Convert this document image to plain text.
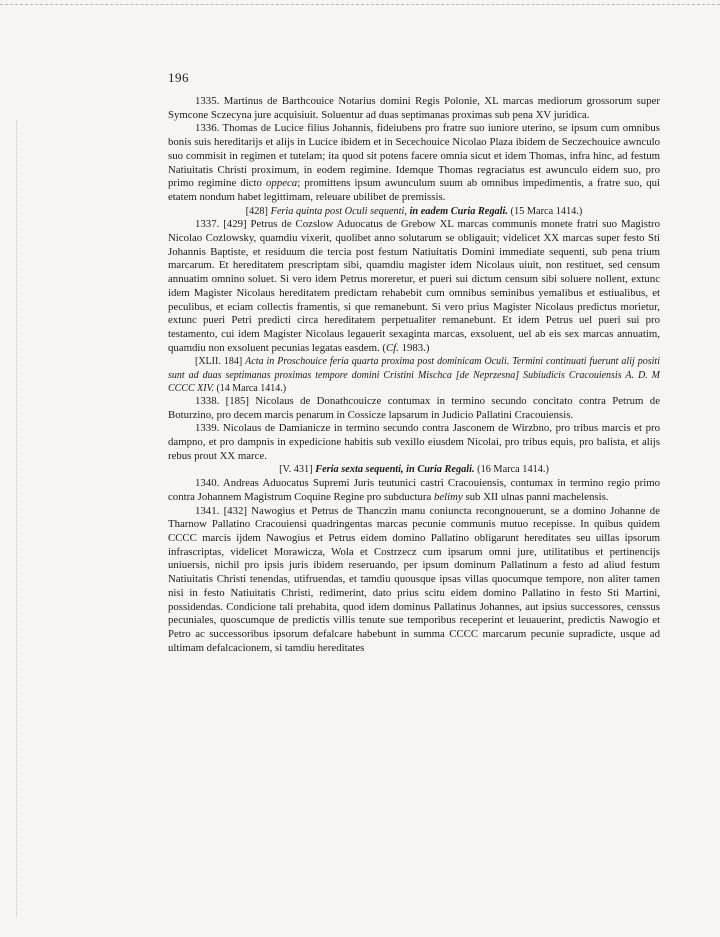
196

1335. Martinus de Barthcouice Notarius domini Regis Polonie, XL marcas mediorum grossorum super Symcone Sczecyna jure acquisiuit. Soluentur ad duas septimanas proximas sub pena XV juridica.

1336. Thomas de Lucice filius Johannis, fideiubens pro fratre suo iuniore uterino, se ipsum cum omnibus bonis suis hereditarijs et alijs in Lucice ibidem et in Secechouice Nicolao Plaza ibidem de Seczechouice awnculo suo commisit in regimen et tutelam; ita quod sit potens facere omnia sicut et idem Thomas, infra hinc, ad festum Natiuitatis Christi proximum, in eodem regimine. Idemque Thomas regraciatus est awunculo eidem suo, pro primo regimine dicto oppeca; promittens ipsum awunculum suum ab omnibus impedimentis, a fratre suo, qui etatem nondum habet legittimam, releuare ubilibet de premissis.

[428] Feria quinta post Oculi sequenti, in eadem Curia Regali. (15 Marca 1414.)

1337. [429] Petrus de Cozslow Aduocatus de Grebow XL marcas communis monete fratri suo Magistro Nicolao Cozlowsky, quamdiu vixerit, quolibet anno solutarum se obligauit; videlicet XX marcas super festo Sti Johannis Baptiste, et residuum die tercia post festum Natiuitatis Domini immediate sequenti, sub pena trium marcarum. Et hereditatem prescriptam sibi, quamdiu magister idem Nicolaus uiuit, non restituet, sed censum annuatim omnino soluet. Si vero idem Petrus moreretur, et pueri sui dictum censum sibi soluere nollent, extunc idem Magister Nicolaus hereditatem predictam rehabebit cum omnibus seminibus yemalibus et estiualibus, et peculibus, et eciam collectis framentis, si que remanebunt. Si vero prius Magister Nicolaus predictus morietur, extunc pueri Petri predicti circa hereditatem perpetualiter remanebunt. Et idem Petrus uel pueri sui pro testamento, cui idem Magister Nicolaus legauerit sexaginta marcas, exsoluent, uel ab eis sex marcas annuatim, quamdiu non exsoluent pecunias legatas easdem. (Cf. 1983.)

[XLII. 184] Acta in Proschouice feria quarta proxima post dominicam Oculi. Termini continuati fuerunt alij positi sunt ad duas septimanas proximas tempore domini Cristini Mischca [de Neprzesna] Subiudicis Cracouiensis A. D. M CCCC XIV. (14 Marca 1414.)

1338. [185] Nicolaus de Donathcouicze contumax in termino secundo concitato contra Petrum de Boturzino, pro decem marcis penarum in Cossicze lapsarum in Judicio Pallatini Cracouiensis.

1339. Nicolaus de Damianicze in termino secundo contra Jasconem de Wirzbno, pro tribus marcis et pro dampno, et pro dampnis in expedicione habitis sub vexillo eiusdem Nicolai, pro tribus equis, pro balista, et alijs rebus prout XX marce.

[V. 431] Feria sexta sequenti, in Curia Regali. (16 Marca 1414.)

1340. Andreas Aduocatus Supremi Juris teutunici castri Cracouiensis, contumax in termino regio primo contra Johannem Magistrum Coquine Regine pro subductura belimy sub XII ulnas panni machelensis.

1341. [432] Nawogius et Petrus de Thanczin manu coniuncta recongnouerunt, se a domino Johanne de Tharnow Pallatino Cracouiensi quadringentas marcas pecunie communis mutuo recepisse. In quibus quidem CCCC marcis ijdem Nawogius et Petrus eidem domino Pallatino obligarunt hereditates seu uillas ipsorum infrascriptas, videlicet Morawicza, Wola et Costrzecz cum ipsarum omni jure, utilitatibus et pertinencijs uniuersis, nichil pro ipsis juris ibidem reseruando, per ipsum dominum Pallatinum a festo ad aliud festum Natiuitatis Christi tenendas, utifruendas, et tamdiu quousque ipsas villas quocumque tempore, non aliter tamen nisi in festo Natiuitatis Christi, redimerint, dato prius scitu eidem domino Pallatino in festo Sti Martini, possidendas. Condicione tali prehabita, quod idem dominus Pallatinus Johannes, aut ipsius successores, censsus pecuniales, quoscumque de predictis villis tenute sue temporibus receperint et leuauerint, predictis Nawogio et Petro ac successoribus ipsorum defalcare habebunt in summa CCCC marcarum pecunie supradicte, usque ad ultimam defalcacionem, si tamdiu hereditates
